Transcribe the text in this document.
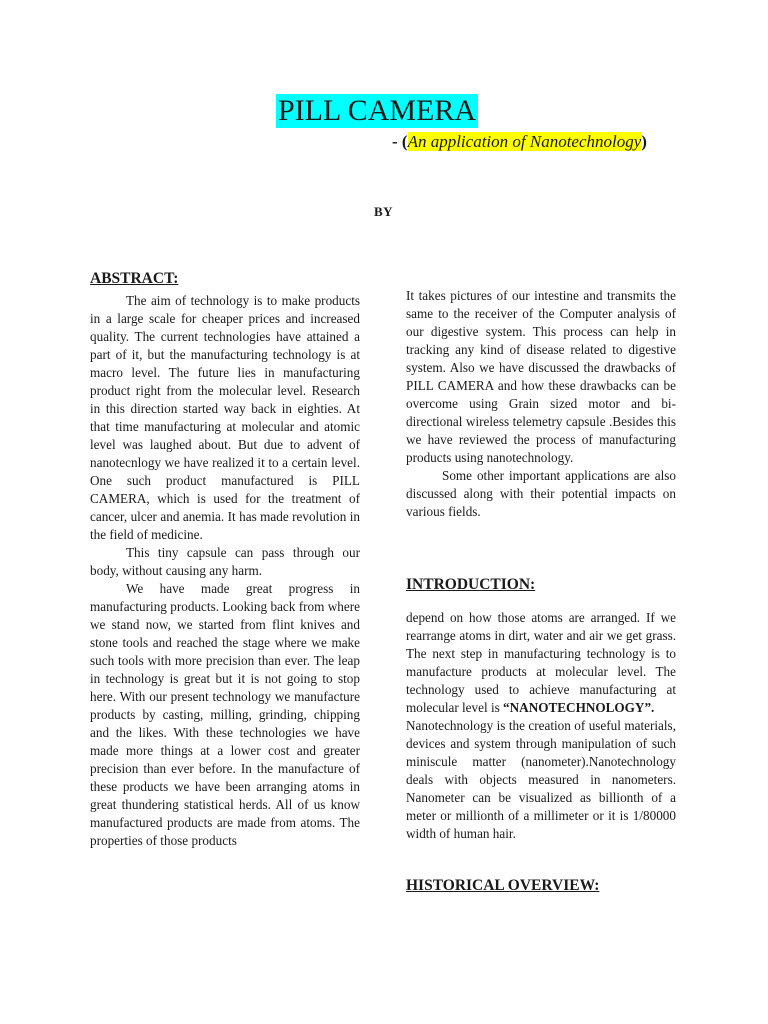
PILL CAMERA
- (An application of Nanotechnology)
BY
ABSTRACT:

The aim of technology is to make products in a large scale for cheaper prices and increased quality. The current technologies have attained a part of it, but the manufacturing technology is at macro level. The future lies in manufacturing product right from the molecular level. Research in this direction started way back in eighties. At that time manufacturing at molecular and atomic level was laughed about. But due to advent of nanotecnlogy we have realized it to a certain level. One such product manufactured is PILL CAMERA, which is used for the treatment of cancer, ulcer and anemia. It has made revolution in the field of medicine.

This tiny capsule can pass through our body, without causing any harm.

We have made great progress in manufacturing products. Looking back from where we stand now, we started from flint knives and stone tools and reached the stage where we make such tools with more precision than ever. The leap in technology is great but it is not going to stop here. With our present technology we manufacture products by casting, milling, grinding, chipping and the likes. With these technologies we have made more things at a lower cost and greater precision than ever before. In the manufacture of these products we have been arranging atoms in great thundering statistical herds. All of us know manufactured products are made from atoms. The properties of those products

It takes pictures of our intestine and transmits the same to the receiver of the Computer analysis of our digestive system. This process can help in tracking any kind of disease related to digestive system. Also we have discussed the drawbacks of PILL CAMERA and how these drawbacks can be overcome using Grain sized motor and bi-directional wireless telemetry capsule .Besides this we have reviewed the process of manufacturing products using nanotechnology.

Some other important applications are also discussed along with their potential impacts on various fields.

INTRODUCTION:

depend on how those atoms are arranged. If we rearrange atoms in dirt, water and air we get grass. The next step in manufacturing technology is to manufacture products at molecular level. The technology used to achieve manufacturing at molecular level is “NANOTECHNOLOGY”.

Nanotechnology is the creation of useful materials, devices and system through manipulation of such miniscule matter (nanometer).Nanotechnology deals with objects measured in nanometers. Nanometer can be visualized as billionth of a meter or millionth of a millimeter or it is 1/80000 width of human hair.

HISTORICAL OVERVIEW:
